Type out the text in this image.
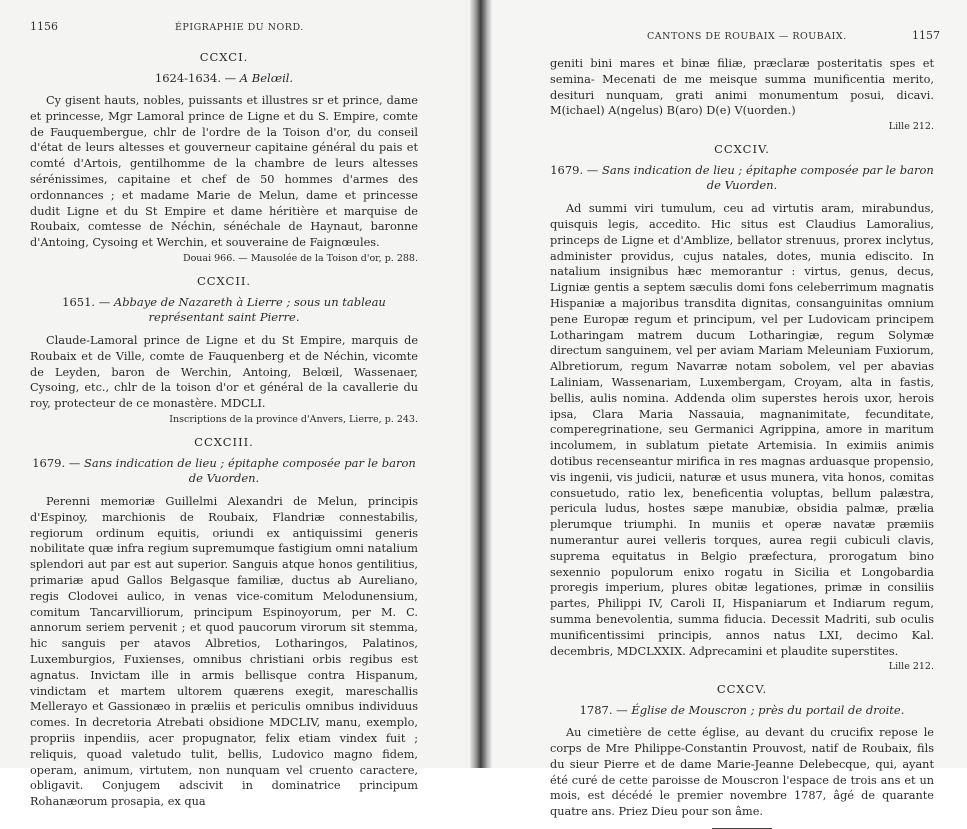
1156	ÉPIGRAPHIE DU NORD.
CCXCI.
1624-1634. — A Belœil.

Cy gisent hauts, nobles, puissants et illustres sr et prince, dame et princesse, Mgr Lamoral prince de Ligne et du S. Empire, comte de Fauquembergue, chlr de l'ordre de la Toison d'or, du conseil d'état de leurs altesses et gouverneur capitaine général du pais et comté d'Artois, gentilhomme de la chambre de leurs altesses sérénissimes, capitaine et chef de 50 hommes d'armes des ordonnances ; et madame Marie de Melun, dame et princesse dudit Ligne et du St Empire et dame héritière et marquise de Roubaix, comtesse de Néchin, sénéchale de Haynaut, baronne d'Antoing, Cysoing et Werchin, et souveraine de Faignœules.

Douai 966. — Mausolée de la Toison d'or, p. 288.
CCXCII.
1651. — Abbaye de Nazareth à Lierre ; sous un tableau représentant saint Pierre.

Claude-Lamoral prince de Ligne et du St Empire, marquis de Roubaix et de Ville, comte de Fauquenberg et de Néchin, vicomte de Leyden, baron de Werchin, Antoing, Belœil, Wassenaer, Cysoing, etc., chlr de la toison d'or et général de la cavallerie du roy, protecteur de ce monastère. MDCLI.

Inscriptions de la province d'Anvers, Lierre, p. 243.
CCXCIII.
1679. — Sans indication de lieu ; épitaphe composée par le baron de Vuorden.

Perenni memoriæ Guillelmi Alexandri de Melun, principis d'Espinoy, marchionis de Roubaix, Flandriæ connestabilis, regiorum ordinum equitis, oriundi ex antiquissimi generis nobilitate quæ infra regium supremumque fastigium omni natalium splendori aut par est aut superior. Sanguis atque honos gentilitius, primariæ apud Gallos Belgasque familiæ, ductus ab Aureliano, regis Clodovei aulico, in venas vice-comitum Melodunensium, comitum Tancarvilliorum, principum Espinoyorum, per M. C. annorum seriem pervenit ; et quod paucorum virorum sit stemma, hic sanguis per atavos Albretios, Lotharingos, Palatinos, Luxemburgios, Fuxienses, omnibus christiani orbis regibus est agnatus. Invictam ille in armis bellisque contra Hispanum, vindictam et martem ultorem quærens exegit, mareschallis Mellerayo et Gassionæo in præliis et periculis omnibus individuus comes. In decretoria Atrebati obsidione MDCLIV, manu, exemplo, propriis inpendiis, acer propugnator, felix etiam vindex fuit ; reliquis, quoad valetudo tulit, bellis, Ludovico magno fidem, operam, animum, virtutem, non nunquam vel cruento caractere, obligavit. Conjugem adscivit in dominatrice principum Rohanæorum prosapia, ex qua

CANTONS DE ROUBAIX — ROUBAIX.	1157

geniti bini mares et binæ filiæ, præclaræ posteritatis spes et semina- Mecenati de me meisque summa munificentia merito, desituri nunquam, grati animi monumentum posui, dicavi. M(ichael) A(ngelus) B(aro) D(e) V(uorden.)

Lille 212.
CCXCIV.
1679. — Sans indication de lieu ; épitaphe composée par le baron de Vuorden.

Ad summi viri tumulum, ceu ad virtutis aram, mirabundus, quisquis legis, accedito. Hic situs est Claudius Lamoralius, princeps de Ligne et d'Amblize, bellator strenuus, prorex inclytus, administer providus, cujus natales, dotes, munia ediscito. In natalium insignibus hæc memorantur : virtus, genus, decus, Ligniæ gentis a septem sæculis domi fons celeberrimum magnatis Hispaniæ a majoribus transdita dignitas, consanguinitas omnium pene Europæ regum et principum, vel per Ludovicam principem Lotharingam matrem ducum Lotharingiæ, regum Solymæ directum sanguinem, vel per aviam Mariam Meleuniam Fuxiorum, Albretiorum, regum Navarræ notam sobolem, vel per abavias Laliniam, Wassenariam, Luxembergam, Croyam, alta in fastis, bellis, aulis nomina. Addenda olim superstes herois uxor, herois ipsa, Clara Maria Nassauia, magnanimitate, fecunditate, comperegrinatione, seu Germanici Agrippina, amore in maritum incolumem, in sublatum pietate Artemisia. In eximiis animis dotibus recenseantur mirifica in res magnas arduasque propensio, vis ingenii, vis judicii, naturæ et usus munera, vita honos, comitas consuetudo, ratio lex, beneficentia voluptas, bellum palæstra, pericula ludus, hostes sæpe manubiæ, obsidia palmæ, prælia plerumque triumphi. In muniis et operæ navatæ præmiis numerantur aurei velleris torques, aurea regii cubiculi clavis, suprema equitatus in Belgio præfectura, prorogatum bino sexennio populorum enixo rogatu in Sicilia et Longobardia proregis imperium, plures obitæ legationes, primæ in consiliis partes, Philippi IV, Caroli II, Hispaniarum et Indiarum regum, summa benevolentia, summa fiducia. Decessit Madriti, sub oculis munificentissimi principis, annos natus LXI, decimo Kal. decembris, MDCLXXIX. Adprecamini et plaudite superstites.

Lille 212.
CCXCV.
1787. — Église de Mouscron ; près du portail de droite.

Au cimetière de cette église, au devant du crucifix repose le corps de Mre Philippe-Constantin Prouvost, natif de Roubaix, fils du sieur Pierre et de dame Marie-Jeanne Delebecque, qui, ayant été curé de cette paroisse de Mouscron l'espace de trois ans et un mois, est décédé le premier novembre 1787, âgé de quarante quatre ans. Priez Dieu pour son âme.
